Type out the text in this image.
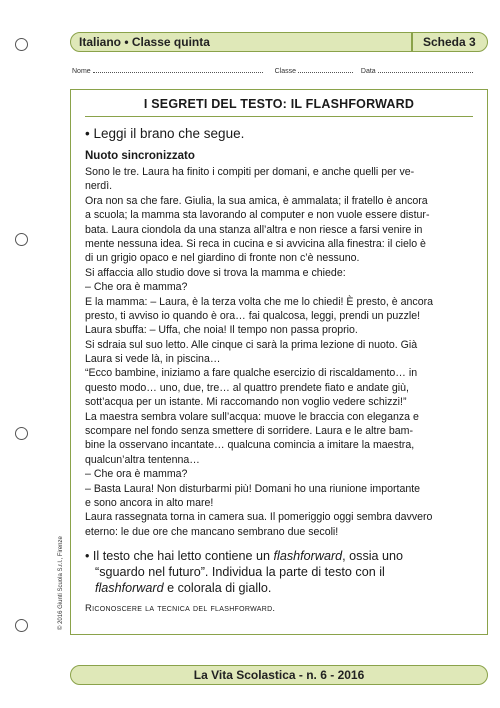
Italiano • Classe quinta	Scheda 3
Nome	Classe	Data
I SEGRETI DEL TESTO: IL FLASHFORWARD
• Leggi il brano che segue.
Nuoto sincronizzato
Sono le tre. Laura ha finito i compiti per domani, e anche quelli per ve-
nerdì.
Ora non sa che fare. Giulia, la sua amica, è ammalata; il fratello è ancora
a scuola; la mamma sta lavorando al computer e non vuole essere distur-
bata. Laura ciondola da una stanza all’altra e non riesce a farsi venire in
mente nessuna idea. Si reca in cucina e si avvicina alla finestra: il cielo è
di un grigio opaco e nel giardino di fronte non c’è nessuno.
Si affaccia allo studio dove si trova la mamma e chiede:
– Che ora è mamma?
E la mamma: – Laura, è la terza volta che me lo chiedi! È presto, è ancora
presto, ti avviso io quando è ora… fai qualcosa, leggi, prendi un puzzle!
Laura sbuffa: – Uffa, che noia! Il tempo non passa proprio.
Si sdraia sul suo letto. Alle cinque ci sarà la prima lezione di nuoto. Già
Laura si vede là, in piscina…
“Ecco bambine, iniziamo a fare qualche esercizio di riscaldamento… in
questo modo… uno, due, tre… al quattro prendete fiato e andate giù,
sott’acqua per un istante. Mi raccomando non voglio vedere schizzi!”
La maestra sembra volare sull’acqua: muove le braccia con eleganza e
scompare nel fondo senza smettere di sorridere. Laura e le altre bam-
bine la osservano incantate… qualcuna comincia a imitare la maestra,
qualcun’altra tentenna…
– Che ora è mamma?
– Basta Laura! Non disturbarmi più! Domani ho una riunione importante
e sono ancora in alto mare!
Laura rassegnata torna in camera sua. Il pomeriggio oggi sembra davvero
eterno: le due ore che mancano sembrano due secoli!
• Il testo che hai letto contiene un flashforward, ossia uno
“sguardo nel futuro”. Individua la parte di testo con il
flashforward e colorala di giallo.
Riconoscere la tecnica del flashforward.
© 2016 Giunti Scuola S.r.l., Firenze
La Vita Scolastica - n. 6 - 2016
